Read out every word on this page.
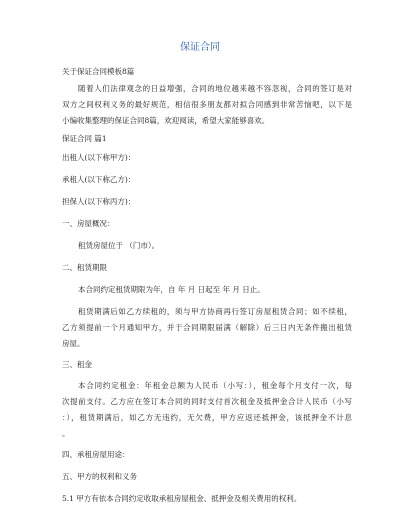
保证合同
关于保证合同模板8篇
随着人们法律观念的日益增强，合同的地位越来越不容忽视，合同的签订是对
双方之间权利义务的最好规范，相信很多朋友都对拟合同感到非常苦恼吧，以下是
小编收集整理的保证合同8篇，欢迎阅读，希望大家能够喜欢。
保证合同 篇1
出租人(以下称甲方)：
承租人(以下称乙方)：
担保人(以下称丙方)：
一、房屋概况：
租赁房屋位于 （门市）。
二、租赁期限
本合同约定租赁期限为年，自 年 月 日起至 年 月 日止。
租赁期满后如乙方续租的，须与甲方协商再行签订房屋租赁合同；如不续租，
乙方须提前一个月通知甲方，并于合同期限届满（解除）后三日内无条件搬出租赁
房屋。
三、租金
本合同约定租金：年租金总额为人民币（小写：），租金每个月支付一次，每
次提前支付。乙方应在签订本合同的同时支付首次租金及抵押金合计人民币（小写
：），租赁期满后，如乙方无违约，无欠费，甲方应返还抵押金，该抵押金不计息
。
四、承租房屋用途：
五、甲方的权利和义务
5.1 甲方有依本合同约定收取承租房屋租金、抵押金及相关费用的权利。
